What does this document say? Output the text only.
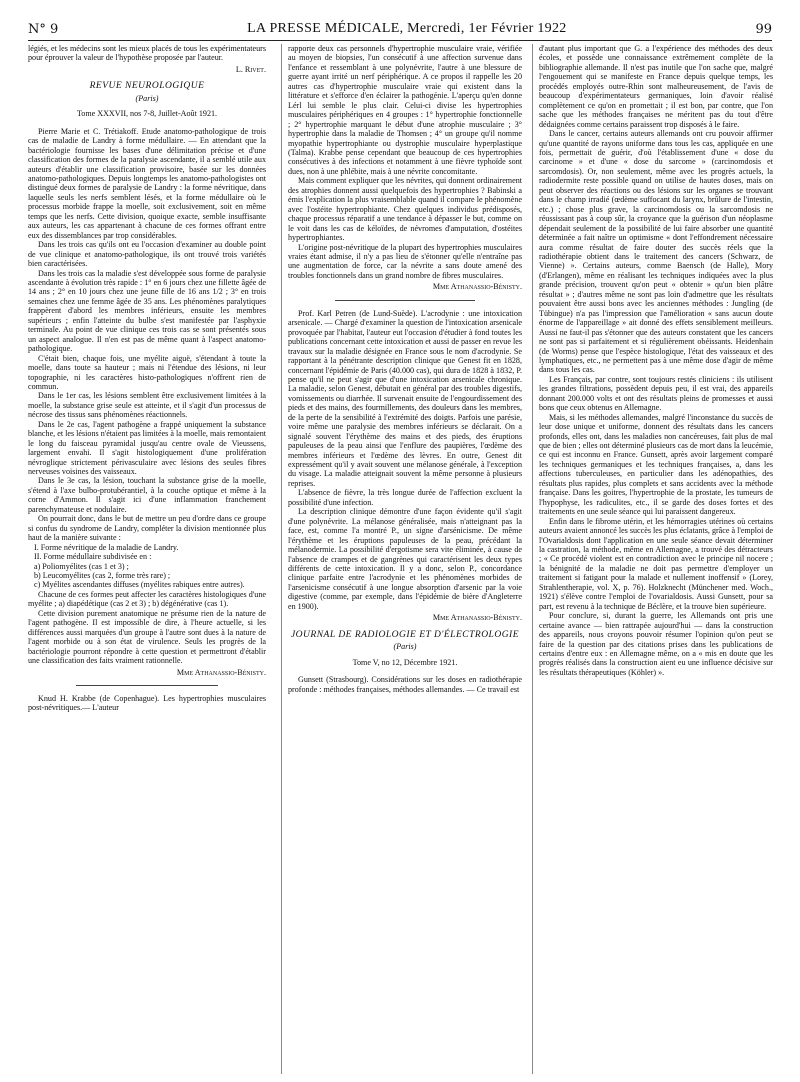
N° 9	LA PRESSE MÉDICALE, Mercredi, 1er Février 1922	99

légiés, et les médecins sont les mieux placés de tous les expérimentateurs pour éprouver la valeur de l'hypothèse proposée par l'auteur.

L. Rivet.
REVUE NEUROLOGIQUE
(Paris)
Tome XXXVII, nos 7-8, Juillet-Août 1921.

Pierre Marie et C. Trétiakoff. Etude anatomo-pathologique de trois cas de maladie de Landry à forme médullaire. — En attendant que la bactériologie fournisse les bases d'une délimitation précise et d'une classification des formes de la paralysie ascendante, il a semblé utile aux auteurs d'établir une classification provisoire, basée sur les données anatomo-pathologiques. Depuis longtemps les anatomo-pathologistes ont distingué deux formes de paralysie de Landry : la forme névritique, dans laquelle seuls les nerfs semblent lésés, et la forme médullaire où le processus morbide frappe la moelle, soit exclusivement, soit en même temps que les nerfs. Cette division, quoique exacte, semble insuffisante aux auteurs, les cas appartenant à chacune de ces formes offrant entre eux des dissemblances par trop considérables.

Dans les trois cas qu'ils ont eu l'occasion d'examiner au double point de vue clinique et anatomo-pathologique, ils ont trouvé trois variétés bien caractérisées.

Dans les trois cas la maladie s'est développée sous forme de paralysie ascendante à évolution très rapide : 1° en 6 jours chez une fillette âgée de 14 ans ; 2° en 10 jours chez une jeune fille de 16 ans 1/2 ; 3° en trois semaines chez une femme âgée de 35 ans. Les phénomènes paralytiques frappèrent d'abord les membres inférieurs, ensuite les membres supérieurs ; enfin l'atteinte du bulbe s'est manifestée par l'asphyxie terminale. Au point de vue clinique ces trois cas se sont présentés sous un aspect analogue. Il n'en est pas de même quant à l'aspect anatomo-pathologique.

C'était bien, chaque fois, une myélite aiguë, s'étendant à toute la moelle, dans toute sa hauteur ; mais ni l'étendue des lésions, ni leur topographie, ni les caractères histo-pathologiques n'offrent rien de commun.

Dans le 1er cas, les lésions semblent être exclusivement limitées à la moelle, la substance grise seule est atteinte, et il s'agit d'un processus de nécrose des tissus sans phénomènes réactionnels.

Dans le 2e cas, l'agent pathogène a frappé uniquement la substance blanche, et les lésions n'étaient pas limitées à la moelle, mais remontaient le long du faisceau pyramidal jusqu'au centre ovale de Vieussens, largement envahi. Il s'agit histologiquement d'une prolifération névroglique strictement périvasculaire avec lésions des seules fibres nerveuses voisines des vaisseaux.

Dans le 3e cas, la lésion, touchant la substance grise de la moelle, s'étend à l'axe bulbo-protubérantiel, à la couche optique et même à la corne d'Ammon. Il s'agit ici d'une inflammation franchement parenchymateuse et nodulaire.

On pourrait donc, dans le but de mettre un peu d'ordre dans ce groupe si confus du syndrome de Landry, compléter la division mentionnée plus haut de la manière suivante :

I. Forme névritique de la maladie de Landry.
II. Forme médullaire subdivisée en :
a) Poliomyélites (cas 1 et 3) ;
b) Leucomyélites (cas 2, forme très rare) ;
c) Myélites ascendantes diffuses (myélites rabiques entre autres).

Chacune de ces formes peut affecter les caractères histologiques d'une myélite ; a) diapédétique (cas 2 et 3) ; b) dégénérative (cas 1).

Cette division purement anatomique ne présume rien de la nature de l'agent pathogène. Il est impossible de dire, à l'heure actuelle, si les différences aussi marquées d'un groupe à l'autre sont dues à la nature de l'agent morbide ou à son état de virulence. Seuls les progrès de la bactériologie pourront répondre à cette question et permettront d'établir une classification des faits vraiment rationnelle.

Mme Athanassio-Bénisty.

Knud H. Krabbe (de Copenhague). Les hypertrophies musculaires post-névritiques.— L'auteur

rapporte deux cas personnels d'hypertrophie musculaire vraie, vérifiée au moyen de biopsies, l'un consécutif à une affection survenue dans l'enfance et ressemblant à une polynévrite, l'autre à une blessure de guerre ayant irrité un nerf périphérique. A ce propos il rappelle les 20 autres cas d'hypertrophie musculaire vraie qui existent dans la littérature et s'efforce d'en éclairer la pathogénie. L'aperçu qu'en donne Lérl lui semble le plus clair. Celui-ci divise les hypertrophies musculaires périphériques en 4 groupes : 1° hypertrophie fonctionnelle ; 2° hypertrophie marquant le début d'une atrophie musculaire ; 3° hypertrophie dans la maladie de Thomsen ; 4° un groupe qu'il nomme myopathie hypertrophiante ou dystrophie musculaire hyperplastique (Talma). Krabbe pense cependant que beaucoup de ces hypertrophies consécutives à des infections et notamment à une fièvre typhoïde sont dues, non à une phlébite, mais à une névrite concomitante.

Mais comment expliquer que les névrites, qui donnent ordinairement des atrophies donnent aussi quelquefois des hypertrophies ? Babinski a émis l'explication la plus vraisemblable quand il compare le phénomène avec l'ostéite hypertrophiante. Chez quelques individus prédisposés, chaque processus réparatif a une tendance à dépasser le but, comme on le voit dans les cas de kéloïdes, de névromes d'amputation, d'ostéites hypertrophiantes.

L'origine post-névritique de la plupart des hypertrophies musculaires vraies étant admise, il n'y a pas lieu de s'étonner qu'elle n'entraîne pas une augmentation de force, car la névrite a sans doute amené des troubles fonctionnels dans un grand nombre de fibres musculaires.

Mme Athanassio-Bénisty.

Prof. Karl Petren (de Lund-Suède). L'acrodynie : une intoxication arsenicale. — Chargé d'examiner la question de l'intoxication arsenicale provoquée par l'habitat, l'auteur eut l'occasion d'étudier à fond toutes les publications concernant cette intoxication et aussi de passer en revue les travaux sur la maladie désignée en France sous le nom d'acrodynie. Se rapportant à la pénétrante description clinique que Genest fit en 1828, concernant l'épidémie de Paris (40.000 cas), qui dura de 1828 à 1832, P. pense qu'il ne peut s'agir que d'une intoxication arsenicale chronique. La maladie, selon Genest, débutait en général par des troubles digestifs, vomissements ou diarrhée. Il survenait ensuite de l'engourdissement des pieds et des mains, des fourmillements, des douleurs dans les membres, de la perte de la sensibilité à l'extrémité des doigts. Parfois une parésie, voire même une paralysie des membres inférieurs se déclarait. On a signalé souvent l'érythème des mains et des pieds, des éruptions papuleuses de la peau ainsi que l'enflure des paupières, l'œdème des membres inférieurs et l'œdème des lèvres. En outre, Genest dit expressément qu'il y avait souvent une mélanose générale, à l'exception du visage. La maladie atteignait souvent la même personne à plusieurs reprises.

L'absence de fièvre, la très longue durée de l'affection excluent la possibilité d'une infection.

La description clinique démontre d'une façon évidente qu'il s'agit d'une polynévrite. La mélanose généralisée, mais n'atteignant pas la face, est, comme l'a montré P., un signe d'arsénicisme. De même l'érythème et les éruptions papuleuses de la peau, précédant la mélanodermie. La possibilité d'ergotisme sera vite éliminée, à cause de l'absence de crampes et de gangrènes qui caractérisent les deux types différents de cette intoxication. Il y a donc, selon P., concordance clinique parfaite entre l'acrodynie et les phénomènes morbides de l'arsenicisme consécutif à une longue absorption d'arsenic par la voie digestive (comme, par exemple, dans l'épidémie de bière d'Angleterre en 1900).

Mme Athanassio-Bénisty.
JOURNAL DE RADIOLOGIE ET D'ÉLECTROLOGIE
(Paris)
Tome V, no 12, Décembre 1921.

Gunsett (Strasbourg). Considérations sur les doses en radiothérapie profonde : méthodes françaises, méthodes allemandes. — Ce travail est

d'autant plus important que G. a l'expérience des méthodes des deux écoles, et possède une connaissance extrêmement complète de la bibliographie allemande. Il n'est pas inutile que l'on sache que, malgré l'engouement qui se manifeste en France depuis quelque temps, les procédés employés outre-Rhin sont malheureusement, de l'avis de beaucoup d'expérimentateurs germaniques, loin d'avoir réalisé complètement ce qu'on en promettait ; il est bon, par contre, que l'on sache que les méthodes françaises ne méritent pas du tout d'être dédaignées comme certains paraissent trop disposés à le faire.

Dans le cancer, certains auteurs allemands ont cru pouvoir affirmer qu'une quantité de rayons uniforme dans tous les cas, appliquée en une fois, permettait de guérir, d'où l'établissement d'une « dose du carcinome » et d'une « dose du sarcome » (carcinomdosis et sarcomdosis). Or, non seulement, même avec les progrès actuels, la radiodermite reste possible quand on utilise de hautes doses, mais on peut observer des réactions ou des lésions sur les organes se trouvant dans le champ irradié (œdème suffocant du larynx, brûlure de l'intestin, etc.) ; chose plus grave, la carcinomdosis ou la sarcomdosis ne réussissant pas à coup sûr, la croyance que la guérison d'un néoplasme dépendait seulement de la possibilité de lui faire absorber une quantité déterminée a fait naître un optimisme « dont l'effondrement nécessaire aura comme résultat de faire douter des succès réels que la radiothérapie obtient dans le traitement des cancers (Schwarz, de Vienne) ». Certains auteurs, comme Baensch (de Halle), Mory (d'Erlangen), même en réalisant les techniques indiquées avec la plus grande précision, trouvent qu'on peut « obtenir » qu'un bien plâtre résultat » ; d'autres même ne sont pas loin d'admettre que les résultats pouvaient être aussi bons avec les anciennes méthodes : Jungling (de Tübingue) n'a pas l'impression que l'amélioration « sans aucun doute énorme de l'appareillage » ait donné des effets sensiblement meilleurs. Aussi ne faut-il pas s'étonner que des auteurs constatent que les cancers ne sont pas si parfaitement et si régulièrement obéissants. Heidenhain (de Worms) pense que l'espèce histologique, l'état des vaisseaux et des lymphatiques, etc., ne permettent pas à une même dose d'agir de même dans tous les cas.

Les Français, par contre, sont toujours restés cliniciens : ils utilisent les grandes filtrations, possèdent depuis peu, il est vrai, des appareils donnant 200.000 volts et ont des résultats pleins de promesses et aussi bons que ceux obtenus en Allemagne.

Mais, si les méthodes allemandes, malgré l'inconstance du succès de leur dose unique et uniforme, donnent des résultats dans les cancers profonds, elles ont, dans les maladies non cancéreuses, fait plus de mal que de bien ; elles ont déterminé plusieurs cas de mort dans la leucémie, ce qui est inconnu en France. Gunsett, après avoir largement comparé les techniques germaniques et les techniques françaises, a, dans les affections tuberculeuses, en particulier dans les adénopathies, des résultats plus rapides, plus complets et sans accidents avec la méthode française. Dans les goitres, l'hypertrophie de la prostate, les tumeurs de l'hypophyse, les radiculites, etc., il se garde des doses fortes et des traitements en une seule séance qui lui paraissent dangereux.

Enfin dans le fibrome utérin, et les hémorragies utérines où certains auteurs avaient annoncé les succès les plus éclatants, grâce à l'emploi de l'Ovarialdosis dont l'application en une seule séance devait déterminer la castration, la méthode, même en Allemagne, a trouvé des détracteurs ; « Ce procédé violent est en contradiction avec le principe nil nocere ; la bénignité de la maladie ne doit pas permettre d'employer un traitement si fatigant pour la malade et nullement inoffensif » (Lorey, Strahlentherapie, vol. X, p. 76). Holzknecht (Münchener med. Woch., 1921) s'élève contre l'emploi de l'ovarialdosis. Aussi Gunsett, pour sa part, est revenu à la technique de Béclère, et la trouve bien supérieure.

Pour conclure, si, durant la guerre, les Allemands ont pris une certaine avance — bien rattrapée aujourd'hui — dans la construction des appareils, nous croyons pouvoir résumer l'opinion qu'on peut se faire de la question par des citations prises dans les publications de certains d'entre eux : en Allemagne même, on a « mis en doute que les progrès réalisés dans la construction aient eu une influence décisive sur les résultats thérapeutiques (Köhler) ».
